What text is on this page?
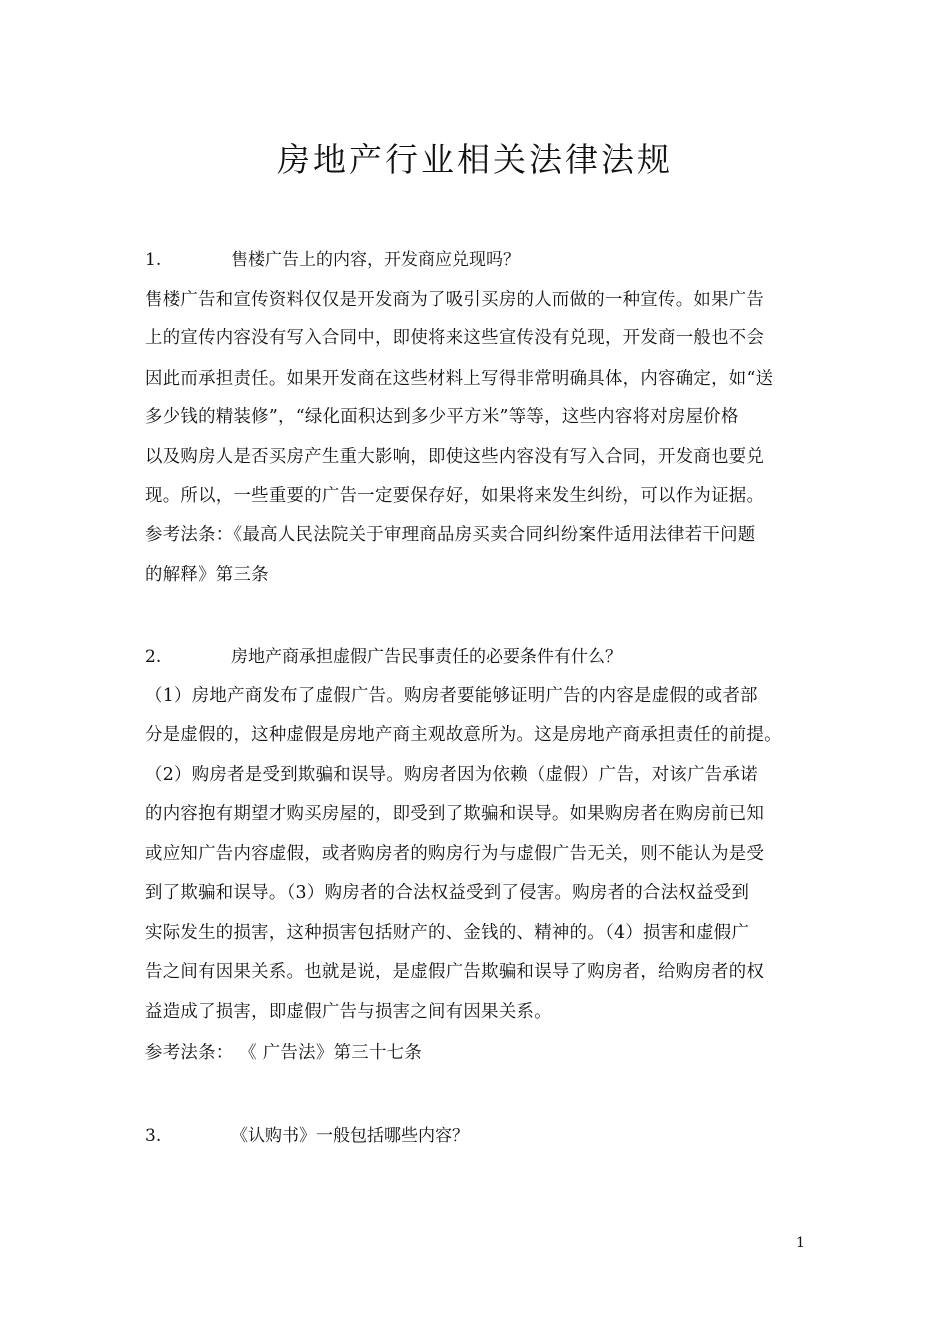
房地产行业相关法律法规
1.	售楼广告上的内容，开发商应兑现吗？
售楼广告和宣传资料仅仅是开发商为了吸引买房的人而做的一种宣传。如果广告
上的宣传内容没有写入合同中，即使将来这些宣传没有兑现，开发商一般也不会
因此而承担责任。如果开发商在这些材料上写得非常明确具体，内容确定，如“送
多少钱的精装修”，“绿化面积达到多少平方米”等等，这些内容将对房屋价格
以及购房人是否买房产生重大影响，即使这些内容没有写入合同，开发商也要兑
现。所以，一些重要的广告一定要保存好，如果将来发生纠纷，可以作为证据。
参考法条：《最高人民法院关于审理商品房买卖合同纠纷案件适用法律若干问题
的解释》第三条
2.	房地产商承担虚假广告民事责任的必要条件有什么？
（1）房地产商发布了虚假广告。购房者要能够证明广告的内容是虚假的或者部
分是虚假的，这种虚假是房地产商主观故意所为。这是房地产商承担责任的前提。
（2）购房者是受到欺骗和误导。购房者因为依赖（虚假）广告，对该广告承诺
的内容抱有期望才购买房屋的，即受到了欺骗和误导。如果购房者在购房前已知
或应知广告内容虚假，或者购房者的购房行为与虚假广告无关，则不能认为是受
到了欺骗和误导。（3）购房者的合法权益受到了侵害。购房者的合法权益受到
实际发生的损害，这种损害包括财产的、金钱的、精神的。（4）损害和虚假广
告之间有因果关系。也就是说，是虚假广告欺骗和误导了购房者，给购房者的权
益造成了损害，即虚假广告与损害之间有因果关系。
参考法条： 《 广告法》第三十七条
3.	《认购书》一般包括哪些内容？
1
